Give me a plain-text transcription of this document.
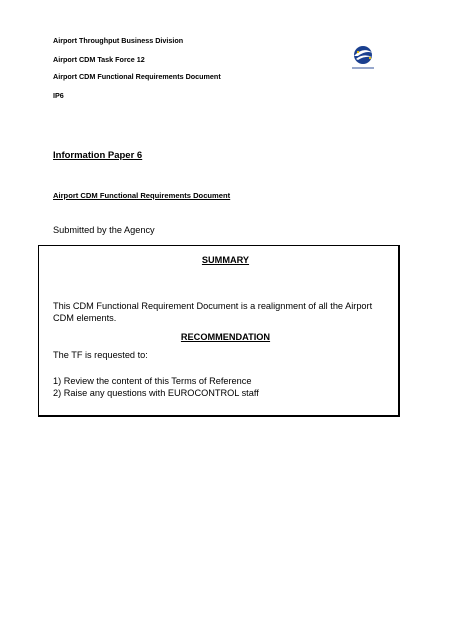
Airport Throughput Business Division
Airport CDM Task Force 12
Airport CDM Functional Requirements Document
IP6
Information Paper 6
Airport CDM Functional Requirements Document
Submitted by the Agency
SUMMARY
This CDM Functional Requirement Document is a realignment of all the Airport CDM elements.
RECOMMENDATION
The TF is requested to:
1) Review the content of this Terms of Reference
2) Raise any questions with EUROCONTROL staff
